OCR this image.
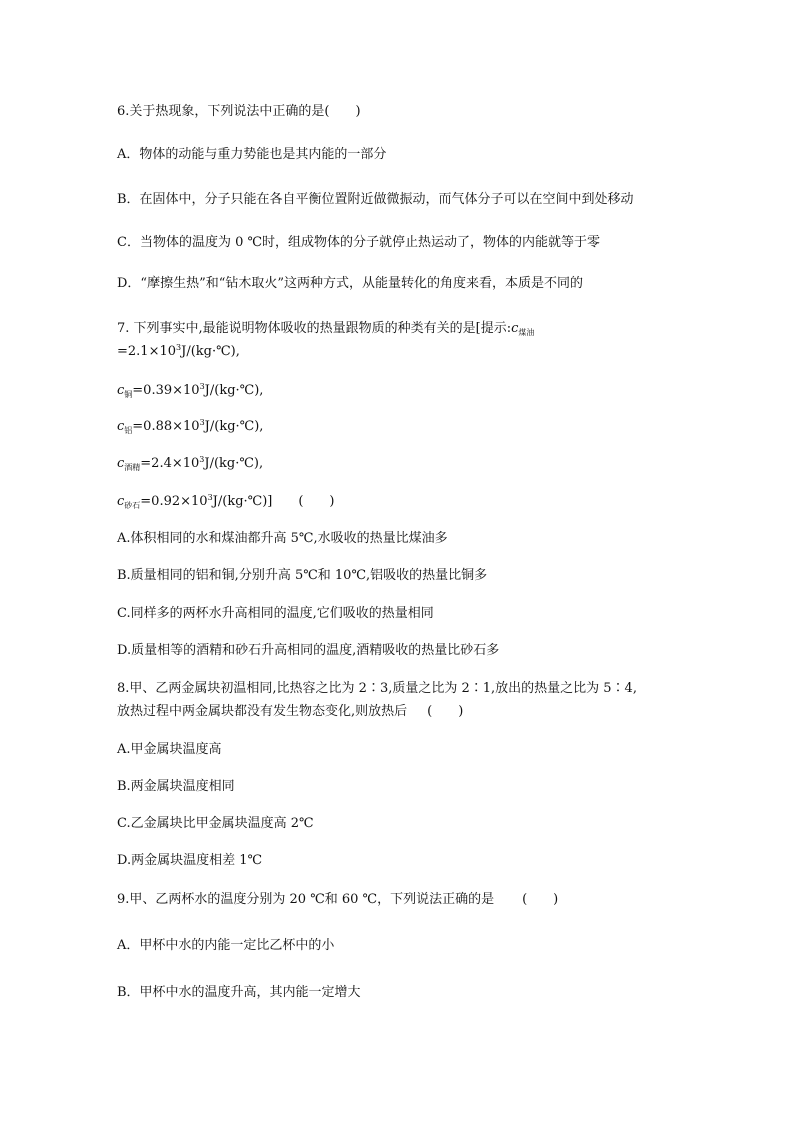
6.关于热现象，下列说法中正确的是(　　)
A．物体的动能与重力势能也是其内能的一部分
B．在固体中，分子只能在各自平衡位置附近做微振动，而气体分子可以在空间中到处移动
C．当物体的温度为 0 ℃时，组成物体的分子就停止热运动了，物体的内能就等于零
D．“摩擦生热”和“钻木取火”这两种方式，从能量转化的角度来看，本质是不同的
7. 下列事实中,最能说明物体吸收的热量跟物质的种类有关的是[提示$:c_{煤油}$
$=2.1\times 10^3J/(kg\cdot℃)$,
$c_铜=0.39\times 10^3J/(kg\cdot℃)$,
$c_铝=0.88\times 10^3J/(kg\cdot℃)$,
$c_{酒精}=2.4\times 10^3J/(kg\cdot℃)$,
$c_{砂石}=0.92\times 10^3J/(kg\cdot℃)$] (　　)
A.体积相同的水和煤油都升高 5℃,水吸收的热量比煤油多
B.质量相同的铝和铜,分别升高 5℃和 10℃,铝吸收的热量比铜多
C.同样多的两杯水升高相同的温度,它们吸收的热量相同
D.质量相等的酒精和砂石升高相同的温度,酒精吸收的热量比砂石多
8.甲、乙两金属块初温相同,比热容之比为 2∶3,质量之比为 2∶1,放出的热量之比为 5∶4,
放热过程中两金属块都没有发生物态变化,则放热后 (　　)
A.甲金属块温度高
B.两金属块温度相同
C.乙金属块比甲金属块温度高 2℃
D.两金属块温度相差 1℃
9.甲、乙两杯水的温度分别为 20 ℃和 60 ℃，下列说法正确的是 (　　)
A．甲杯中水的内能一定比乙杯中的小
B．甲杯中水的温度升高，其内能一定增大
